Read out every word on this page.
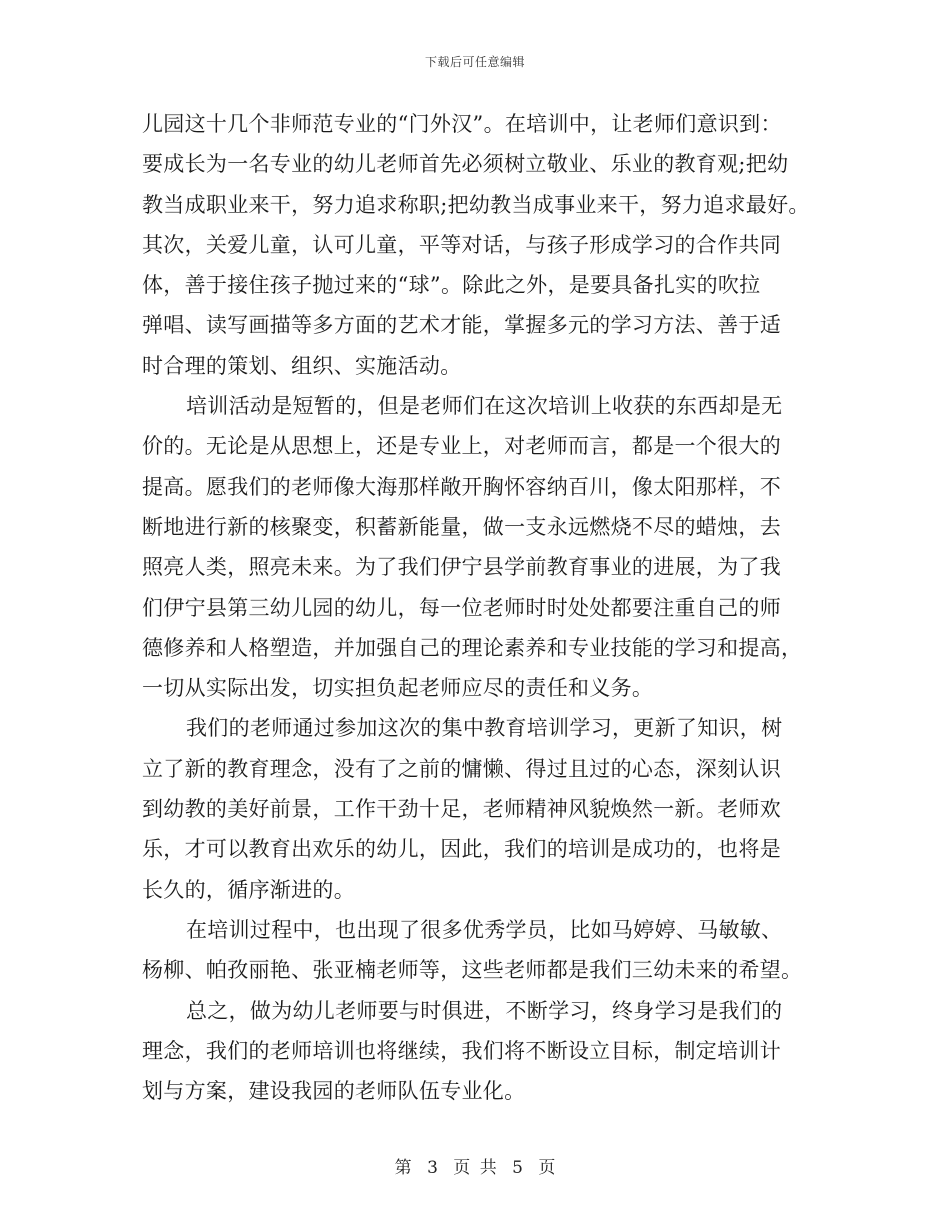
下载后可任意编辑
儿园这十几个非师范专业的“门外汉”。在培训中，让老师们意识到：
要成长为一名专业的幼儿老师首先必须树立敬业、乐业的教育观;把幼
教当成职业来干，努力追求称职;把幼教当成事业来干，努力追求最好。
其次，关爱儿童，认可儿童，平等对话，与孩子形成学习的合作共同
体，善于接住孩子抛过来的“球”。除此之外，是要具备扎实的吹拉
弹唱、读写画描等多方面的艺术才能，掌握多元的学习方法、善于适
时合理的策划、组织、实施活动。
培训活动是短暂的，但是老师们在这次培训上收获的东西却是无
价的。无论是从思想上，还是专业上，对老师而言，都是一个很大的
提高。愿我们的老师像大海那样敞开胸怀容纳百川，像太阳那样，不
断地进行新的核聚变，积蓄新能量，做一支永远燃烧不尽的蜡烛，去
照亮人类，照亮未来。为了我们伊宁县学前教育事业的进展，为了我
们伊宁县第三幼儿园的幼儿，每一位老师时时处处都要注重自己的师
德修养和人格塑造，并加强自己的理论素养和专业技能的学习和提高，
一切从实际出发，切实担负起老师应尽的责任和义务。
我们的老师通过参加这次的集中教育培训学习，更新了知识，树
立了新的教育理念，没有了之前的慵懒、得过且过的心态，深刻认识
到幼教的美好前景，工作干劲十足，老师精神风貌焕然一新。老师欢
乐，才可以教育出欢乐的幼儿，因此，我们的培训是成功的，也将是
长久的，循序渐进的。
在培训过程中，也出现了很多优秀学员，比如马婷婷、马敏敏、
杨柳、帕孜丽艳、张亚楠老师等，这些老师都是我们三幼未来的希望。
总之，做为幼儿老师要与时俱进，不断学习，终身学习是我们的
理念，我们的老师培训也将继续，我们将不断设立目标，制定培训计
划与方案，建设我园的老师队伍专业化。
第 3 页 共 5 页
